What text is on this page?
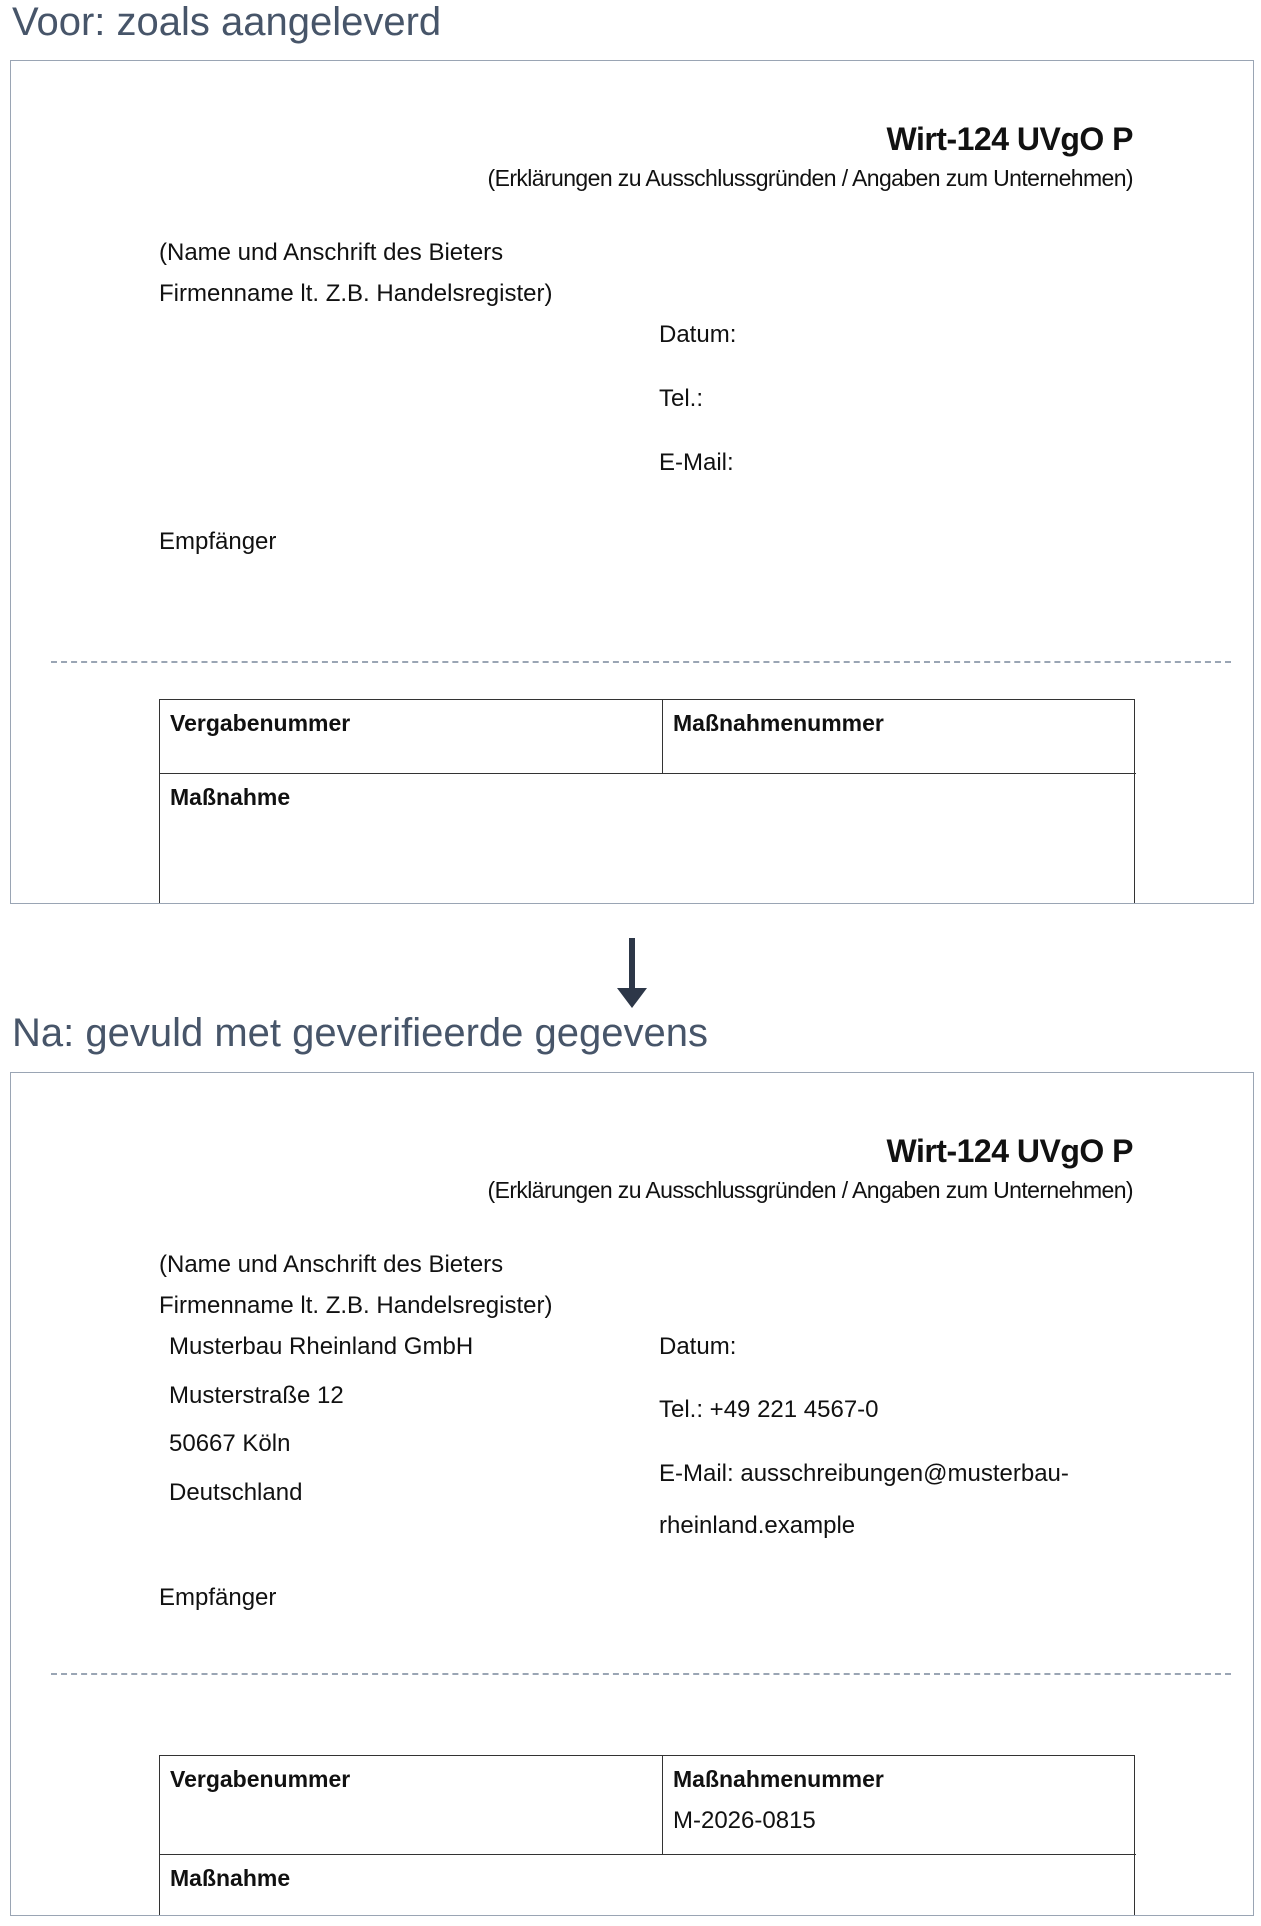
Voor: zoals aangeleverd
Wirt-124 UVgO P
(Erklärungen zu Ausschlussgründen / Angaben zum Unternehmen)
(Name und Anschrift des Bieters
Firmenname lt. Z.B. Handelsregister)
Datum:
Tel.:
E-Mail:
Empfänger
Vergabenummer	Maßnahmenummer
Maßnahme
Na: gevuld met geverifieerde gegevens
Wirt-124 UVgO P
(Erklärungen zu Ausschlussgründen / Angaben zum Unternehmen)
(Name und Anschrift des Bieters
Firmenname lt. Z.B. Handelsregister)
Musterbau Rheinland GmbH
Musterstraße 12
50667 Köln
Deutschland
Datum:
Tel.: +49 221 4567-0
E-Mail: ausschreibungen@musterbau-
rheinland.example
Empfänger
Vergabenummer	Maßnahmenummer
M-2026-0815
Maßnahme
